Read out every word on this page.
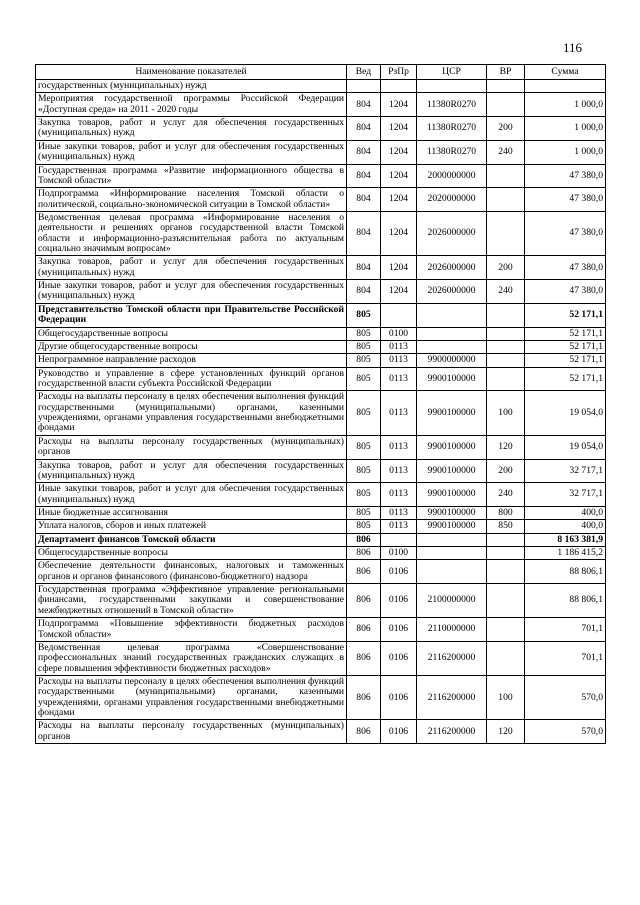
116
Наименование показателей	Вед	РзПр	ЦСР	ВР	Сумма
государственных (муниципальных) нужд					
Мероприятия государственной программы Российской Федерации «Доступная среда» на 2011 - 2020 годы	804	1204	11380R0270		1 000,0
Закупка товаров, работ и услуг для обеспечения государственных (муниципальных) нужд	804	1204	11380R0270	200	1 000,0
Иные закупки товаров, работ и услуг для обеспечения государственных (муниципальных) нужд	804	1204	11380R0270	240	1 000,0
Государственная программа «Развитие информационного общества в Томской области»	804	1204	2000000000		47 380,0
Подпрограмма «Информирование населения Томской области о политической, социально-экономической ситуации в Томской области»	804	1204	2020000000		47 380,0
Ведомственная целевая программа «Информирование населения о деятельности и решениях органов государственной власти Томской области и информационно-разъяснительная работа по актуальным социально значимым вопросам»	804	1204	2026000000		47 380,0
Закупка товаров, работ и услуг для обеспечения государственных (муниципальных) нужд	804	1204	2026000000	200	47 380,0
Иные закупки товаров, работ и услуг для обеспечения государственных (муниципальных) нужд	804	1204	2026000000	240	47 380,0
Представительство Томской области при Правительстве Российской Федерации	805				52 171,1
Общегосударственные вопросы	805	0100			52 171,1
Другие общегосударственные вопросы	805	0113			52 171,1
Непрограммное направление расходов	805	0113	9900000000		52 171,1
Руководство и управление в сфере установленных функций органов государственной власти субъекта Российской Федерации	805	0113	9900100000		52 171,1
Расходы на выплаты персоналу в целях обеспечения выполнения функций государственными (муниципальными) органами, казенными учреждениями, органами управления государственными внебюджетными фондами	805	0113	9900100000	100	19 054,0
Расходы на выплаты персоналу государственных (муниципальных) органов	805	0113	9900100000	120	19 054,0
Закупка товаров, работ и услуг для обеспечения государственных (муниципальных) нужд	805	0113	9900100000	200	32 717,1
Иные закупки товаров, работ и услуг для обеспечения государственных (муниципальных) нужд	805	0113	9900100000	240	32 717,1
Иные бюджетные ассигнования	805	0113	9900100000	800	400,0
Уплата налогов, сборов и иных платежей	805	0113	9900100000	850	400,0
Департамент финансов Томской области	806				8 163 381,9
Общегосударственные вопросы	806	0100			1 186 415,2
Обеспечение деятельности финансовых, налоговых и таможенных органов и органов финансового (финансово-бюджетного) надзора	806	0106			88 806,1
Государственная программа «Эффективное управление региональными финансами, государственными закупками и совершенствование межбюджетных отношений в Томской области»	806	0106	2100000000		88 806,1
Подпрограмма «Повышение эффективности бюджетных расходов Томской области»	806	0106	2110000000		701,1
Ведомственная целевая программа «Совершенствование профессиональных знаний государственных гражданских служащих в сфере повышения эффективности бюджетных расходов»	806	0106	2116200000		701,1
Расходы на выплаты персоналу в целях обеспечения выполнения функций государственными (муниципальными) органами, казенными учреждениями, органами управления государственными внебюджетными фондами	806	0106	2116200000	100	570,0
Расходы на выплаты персоналу государственных (муниципальных) органов	806	0106	2116200000	120	570,0
